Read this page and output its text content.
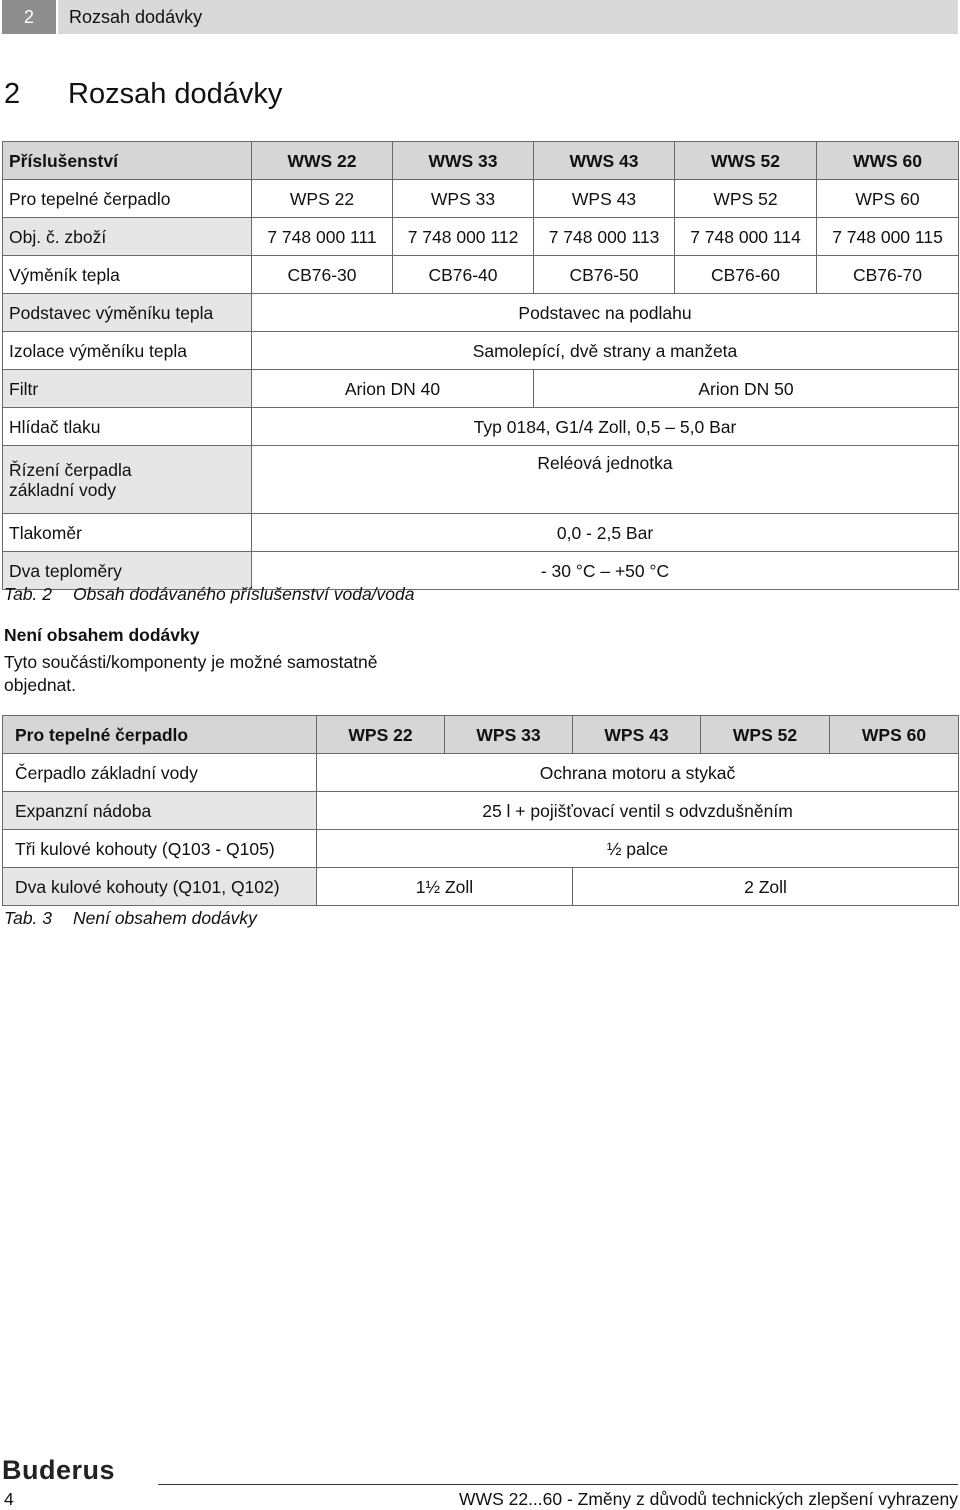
2	Rozsah dodávky
2 Rozsah dodávky
Příslušenství	WWS 22	WWS 33	WWS 43	WWS 52	WWS 60
Pro tepelné čerpadlo	WPS 22	WPS 33	WPS 43	WPS 52	WPS 60
Obj. č. zboží	7 748 000 111	7 748 000 112	7 748 000 113	7 748 000 114	7 748 000 115
Výměník tepla	CB76-30	CB76-40	CB76-50	CB76-60	CB76-70
Podstavec výměníku tepla	Podstavec na podlahu				
Izolace výměníku tepla	Samolepící, dvě strany a manžeta				
Filtr	Arion DN 40		Arion DN 50		
Hlídač tlaku	Typ 0184, G1/4 Zoll, 0,5 – 5,0 Bar				
Řízení čerpadla
základní vody	Reléová jednotka				
Tlakoměr	0,0 - 2,5 Bar				
Dva teploměry	- 30 °C – +50 °C				
Tab. 2 Obsah dodávaného příslušenství voda/voda
Není obsahem dodávky
Tyto součásti/komponenty je možné samostatně objednat.
Pro tepelné čerpadlo	WPS 22	WPS 33	WPS 43	WPS 52	WPS 60
Čerpadlo základní vody	Ochrana motoru a stykač				
Expanzní nádoba	25 l + pojišťovací ventil s odvzdušněním				
Tři kulové kohouty (Q103 - Q105)	½ palce				
Dva kulové kohouty (Q101, Q102)	1½ Zoll		2 Zoll		
Tab. 3 Není obsahem dodávky
Buderus
4	WWS 22...60 - Změny z důvodů technických zlepšení vyhrazeny
